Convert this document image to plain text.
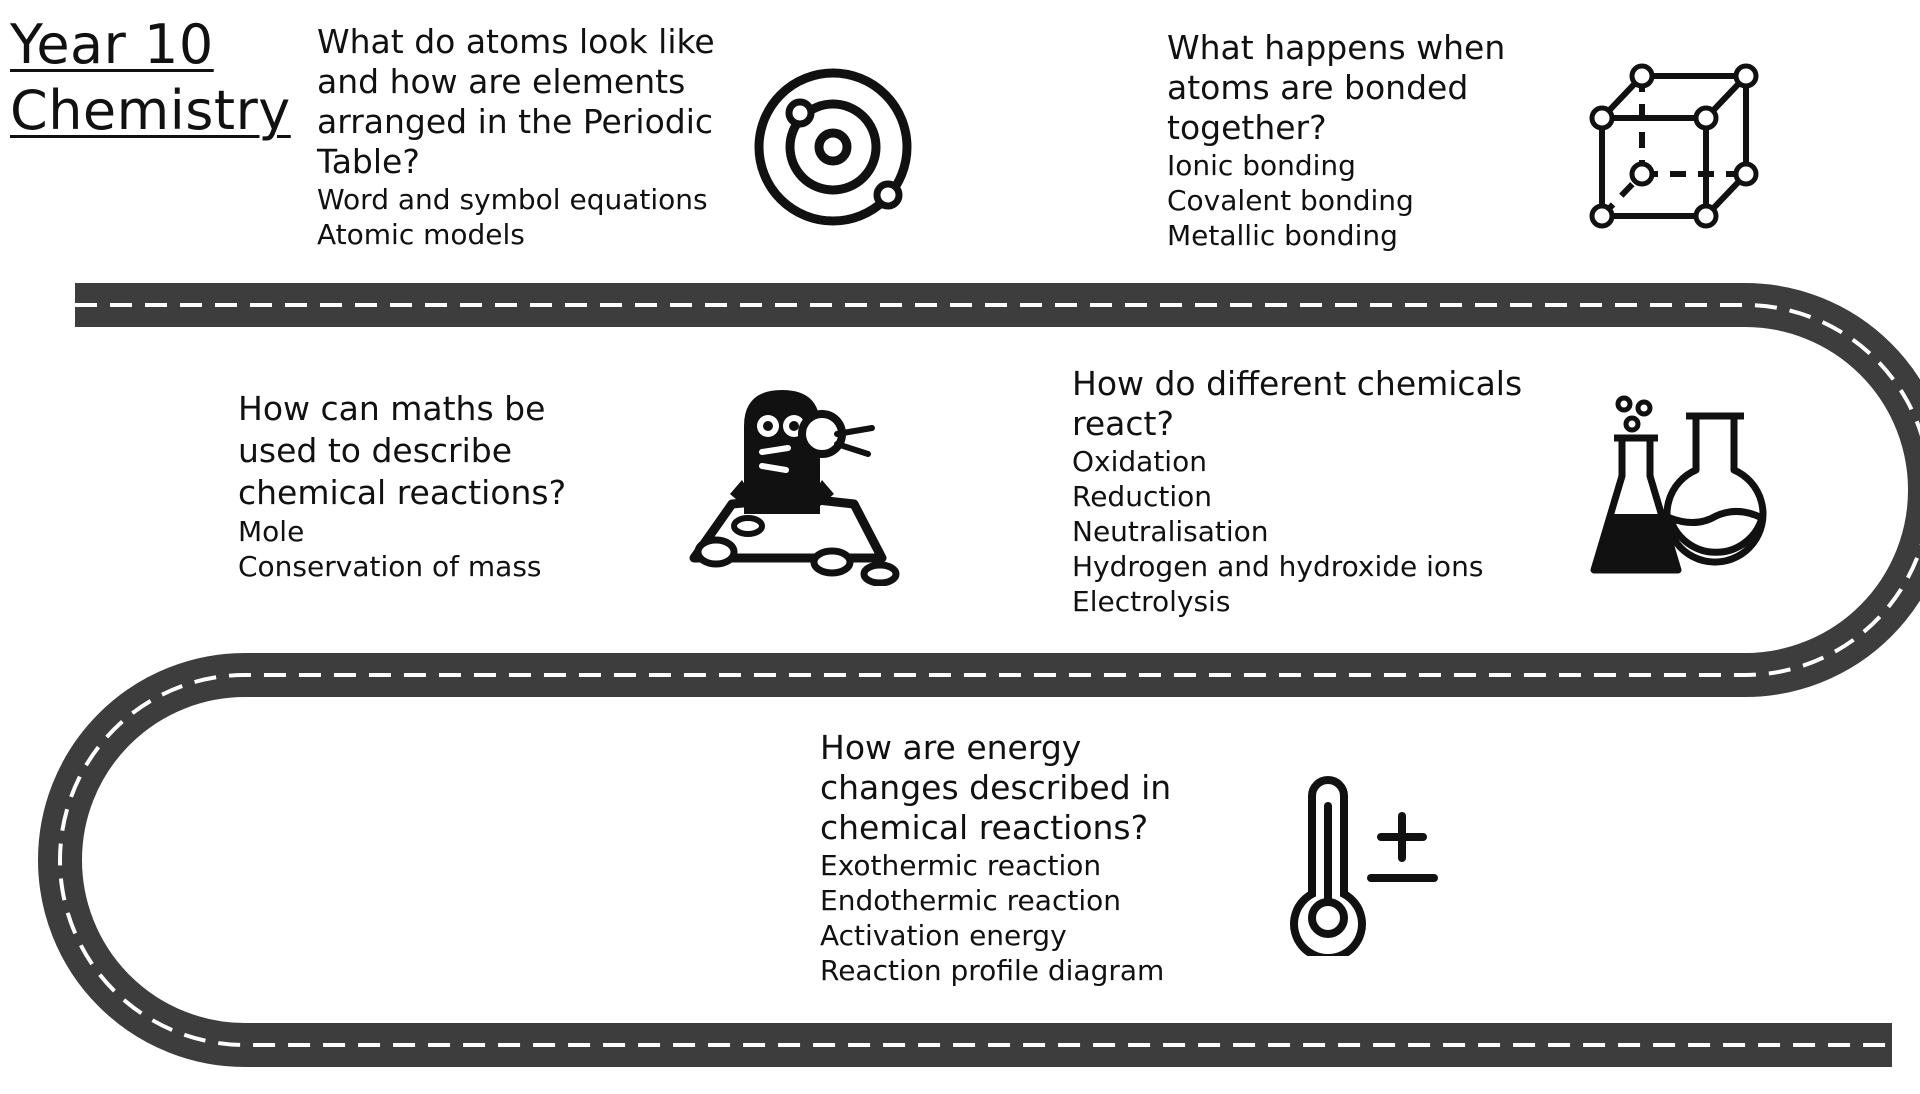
Year 10
Chemistry
What do atoms look like
and how are elements
arranged in the Periodic
Table?
Word and symbol equations
Atomic models
What happens when
atoms are bonded
together?
Ionic bonding
Covalent bonding
Metallic bonding
How can maths be
used to describe
chemical reactions?
Mole
Conservation of mass
How do different chemicals
react?
Oxidation
Reduction
Neutralisation
Hydrogen and hydroxide ions
Electrolysis
How are energy
changes described in
chemical reactions?
Exothermic reaction
Endothermic reaction
Activation energy
Reaction profile diagram
